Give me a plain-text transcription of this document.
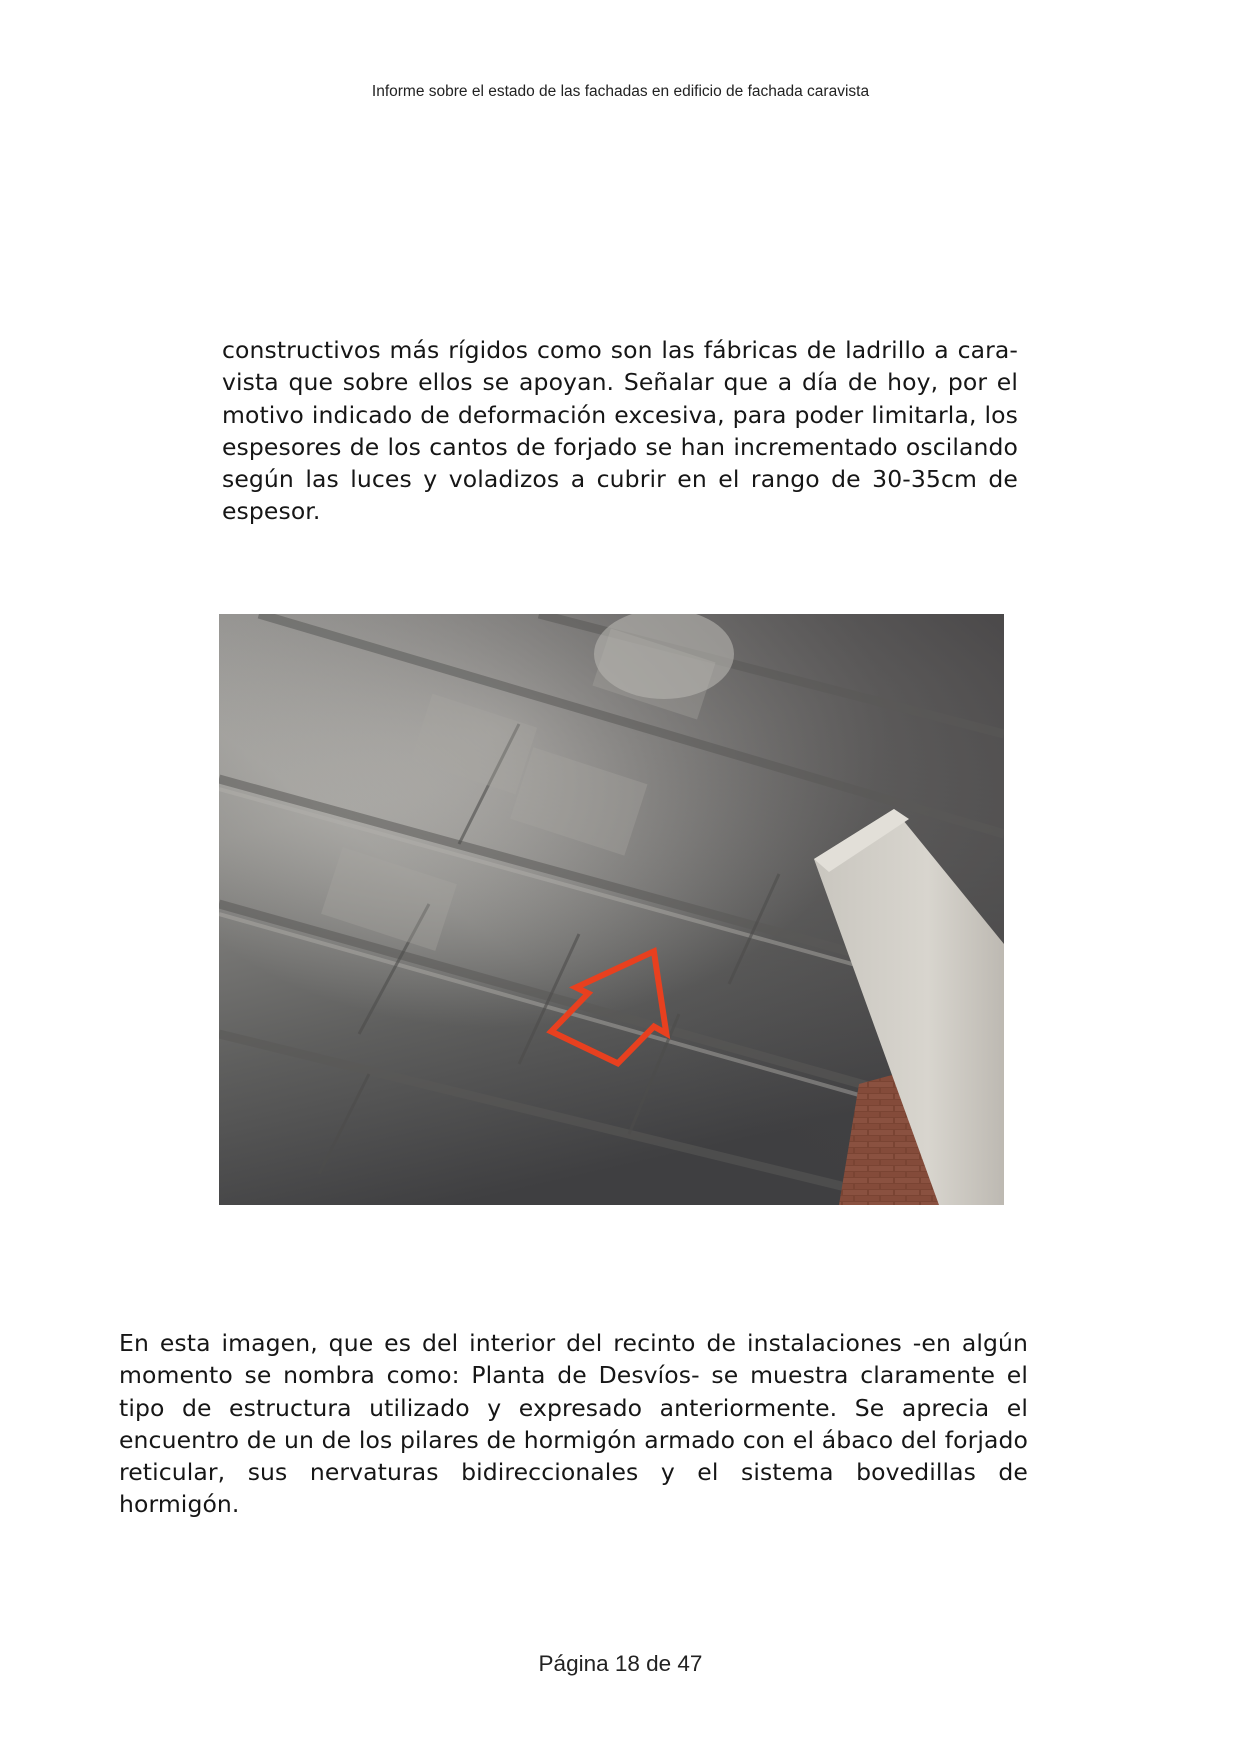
Informe sobre el estado de las fachadas en edificio de fachada caravista

constructivos más rígidos como son las fábricas de ladrillo a cara-vista que sobre ellos se apoyan. Señalar que a día de hoy, por el motivo indicado de deformación excesiva, para poder limitarla, los espesores de los cantos de forjado se han incrementado oscilando según las luces y voladizos a cubrir en el rango de 30-35cm de espesor.

En esta imagen, que es del interior del recinto de instalaciones -en algún momento se nombra como: Planta de Desvíos- se muestra claramente el tipo de estructura utilizado y expresado anteriormente. Se aprecia el encuentro de un de los pilares de hormigón armado con el ábaco del forjado reticular, sus nervaturas bidireccionales y el sistema bovedillas de hormigón.

Página 18 de 47
